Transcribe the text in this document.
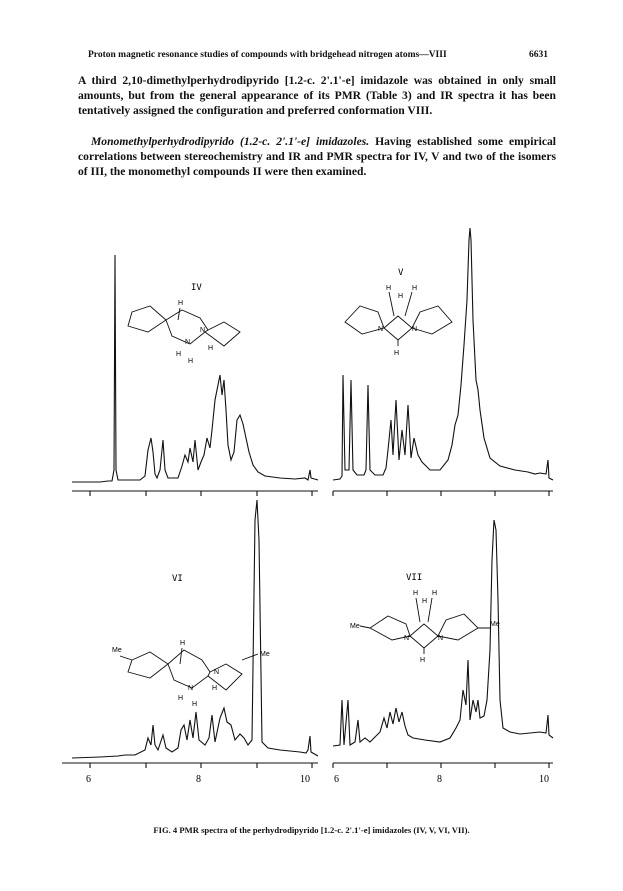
Proton magnetic resonance studies of compounds with bridgehead nitrogen atoms—VIII	6631

A third 2,10-dimethylperhydrodipyrido [1.2-c. 2'.1'-e] imidazole was obtained in only small amounts, but from the general appearance of its PMR (Table 3) and IR spectra it has been tentatively assigned the configuration and preferred conformation VIII.

Monomethylperhydrodipyrido (1.2-c. 2'.1'-e] imidazoles. Having established some empirical correlations between stereochemistry and IR and PMR spectra for IV, V and two of the isomers of III, the monomethyl compounds II were then examined.

IV
V
VI	VII
H
N
N
H
H
H
H
H
H
N	N
H
Me
Me
H
N
N	H
H
H
Me	Me
H
H
H
N	N
H
6	8	10 6	8	10
FIG. 4 PMR spectra of the perhydrodipyrido [1.2-c. 2'.1'-e] imidazoles (IV, V, VI, VII).
